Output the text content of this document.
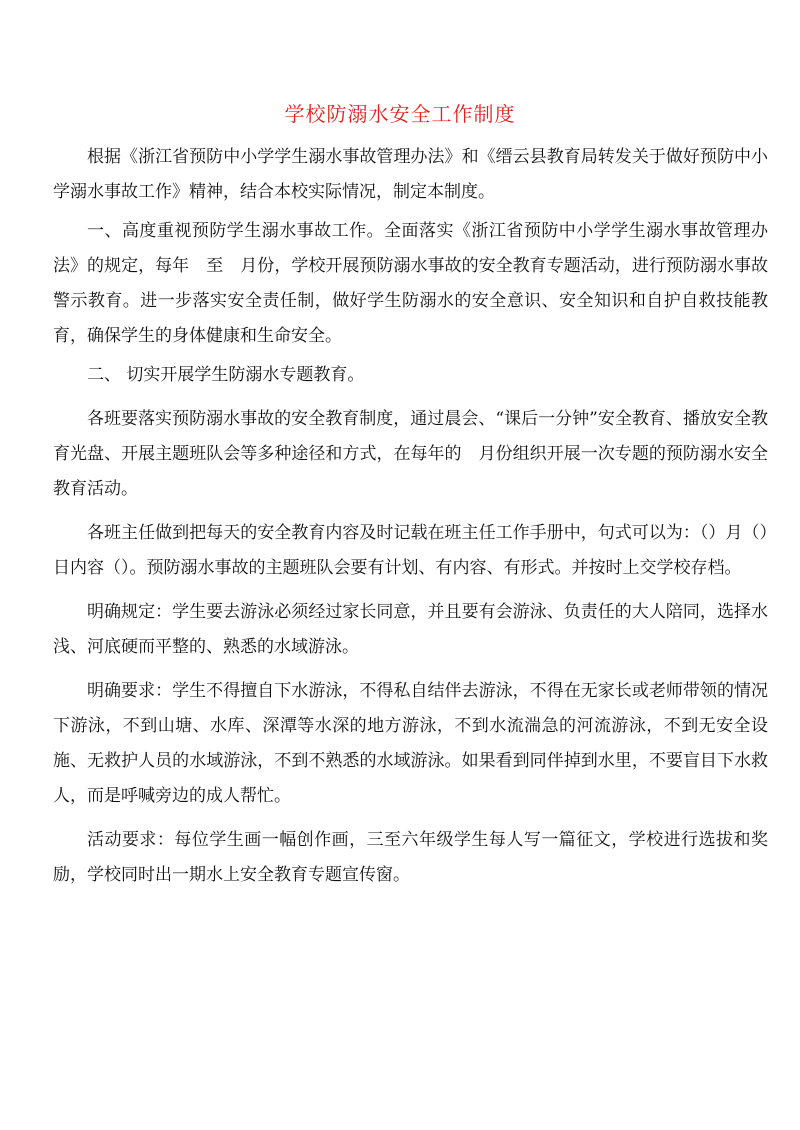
学校防溺水安全工作制度

根据《浙江省预防中小学学生溺水事故管理办法》和《缙云县教育局转发关于做好预防中小学溺水事故工作》精神，结合本校实际情况，制定本制度。

一、高度重视预防学生溺水事故工作。全面落实《浙江省预防中小学学生溺水事故管理办法》的规定，每年　至　月份，学校开展预防溺水事故的安全教育专题活动，进行预防溺水事故警示教育。进一步落实安全责任制，做好学生防溺水的安全意识、安全知识和自护自救技能教育，确保学生的身体健康和生命安全。

二、 切实开展学生防溺水专题教育。

各班要落实预防溺水事故的安全教育制度，通过晨会、“课后一分钟”安全教育、播放安全教育光盘、开展主题班队会等多种途径和方式，在每年的　月份组织开展一次专题的预防溺水安全教育活动。

各班主任做到把每天的安全教育内容及时记载在班主任工作手册中，句式可以为：（）月（）日内容（）。预防溺水事故的主题班队会要有计划、有内容、有形式。并按时上交学校存档。

明确规定：学生要去游泳必须经过家长同意，并且要有会游泳、负责任的大人陪同，选择水浅、河底硬而平整的、熟悉的水域游泳。

明确要求：学生不得擅自下水游泳，不得私自结伴去游泳，不得在无家长或老师带领的情况下游泳，不到山塘、水库、深潭等水深的地方游泳，不到水流湍急的河流游泳，不到无安全设施、无救护人员的水域游泳，不到不熟悉的水域游泳。如果看到同伴掉到水里，不要盲目下水救人，而是呼喊旁边的成人帮忙。

活动要求：每位学生画一幅创作画，三至六年级学生每人写一篇征文，学校进行选拔和奖励，学校同时出一期水上安全教育专题宣传窗。
